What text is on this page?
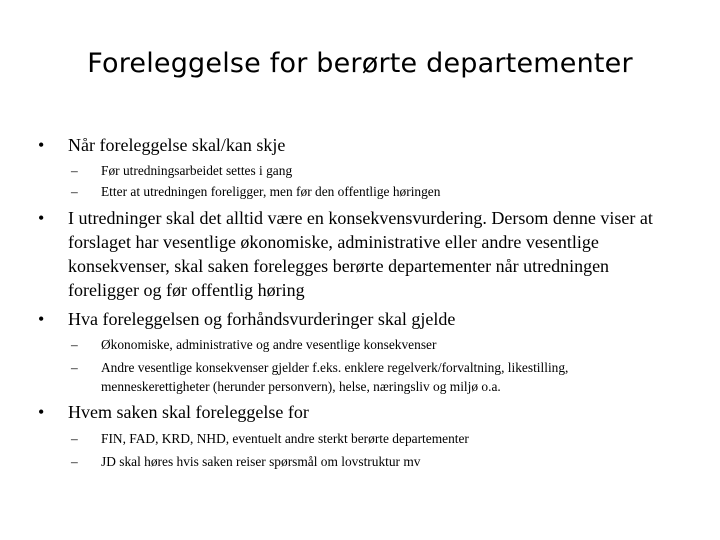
Foreleggelse for berørte departementer
• Når foreleggelse skal/kan skje
– Før utredningsarbeidet settes i gang
– Etter at utredningen foreligger, men før den offentlige høringen
• I utredninger skal det alltid være en konsekvensvurdering. Dersom denne viser at forslaget har vesentlige økonomiske, administrative eller andre vesentlige konsekvenser, skal saken forelegges berørte departementer når utredningen foreligger og før offentlig høring
• Hva foreleggelsen og forhåndsvurderinger skal gjelde
– Økonomiske, administrative og andre vesentlige konsekvenser
– Andre vesentlige konsekvenser gjelder f.eks. enklere regelverk/forvaltning, likestilling, menneskerettigheter (herunder personvern), helse, næringsliv og miljø o.a.
• Hvem saken skal foreleggelse for
– FIN, FAD, KRD, NHD, eventuelt andre sterkt berørte departementer
– JD skal høres hvis saken reiser spørsmål om lovstruktur mv
